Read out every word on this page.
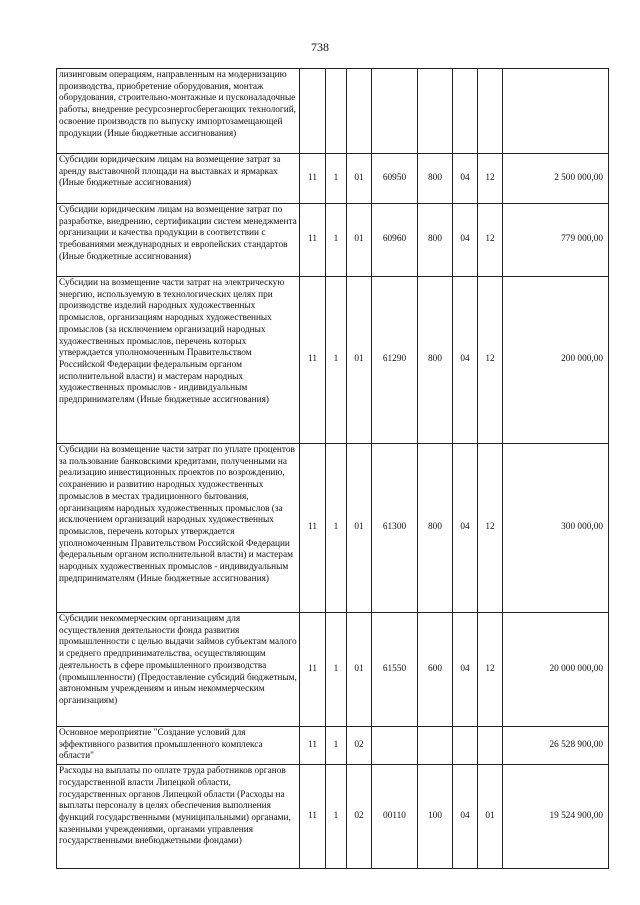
738
лизинговым операциям, направленным на модернизацию производства, приобретение оборудования, монтаж оборудования, строительно-монтажные и пусконаладочные работы, внедрение ресурсоэнергосберегающих технологий, освоение производств по выпуску импортозамещающей продукции (Иные бюджетные ассигнования)								
Субсидии юридическим лицам на возмещение затрат за аренду выставочной площади на выставках и ярмарках (Иные бюджетные ассигнования)	11	1	01	60950	800	04	12	2 500 000,00
Субсидии юридическим лицам на возмещение затрат по разработке, внедрению, сертификации систем менеджмента организации и качества продукции в соответствии с требованиями международных и европейских стандартов (Иные бюджетные ассигнования)	11	1	01	60960	800	04	12	779 000,00
Субсидии на возмещение части затрат на электрическую энергию, используемую в технологических целях при производстве изделий народных художественных промыслов, организациям народных художественных промыслов (за исключением организаций народных художественных промыслов, перечень которых утверждается уполномоченным Правительством Российской Федерации федеральным органом исполнительной власти) и мастерам народных художественных промыслов - индивидуальным предпринимателям (Иные бюджетные ассигнования)	11	1	01	61290	800	04	12	200 000,00
Субсидии на возмещение части затрат по уплате процентов за пользование банковскими кредитами, полученными на реализацию инвестиционных проектов по возрождению, сохранению и развитию народных художественных промыслов в местах традиционного бытования, организациям народных художественных промыслов (за исключением организаций народных художественных промыслов, перечень которых утверждается уполномоченным Правительством Российской Федерации федеральным органом исполнительной власти) и мастерам народных художественных промыслов - индивидуальным предпринимателям (Иные бюджетные ассигнования)	11	1	01	61300	800	04	12	300 000,00
Субсидии некоммерческим организациям для осуществления деятельности фонда развития промышленности с целью выдачи займов субъектам малого и среднего предпринимательства, осуществляющим деятельность в сфере промышленного производства (промышленности) (Предоставление субсидий бюджетным, автономным учреждениям и иным некоммерческим организациям)	11	1	01	61550	600	04	12	20 000 000,00
Основное мероприятие "Создание условий для эффективного развития промышленного комплекса области"	11	1	02					26 528 900,00
Расходы на выплаты по оплате труда работников органов государственной власти Липецкой области, государственных органов Липецкой области (Расходы на выплаты персоналу в целях обеспечения выполнения функций государственными (муниципальными) органами, казенными учреждениями, органами управления государственными внебюджетными фондами)	11	1	02	00110	100	04	01	19 524 900,00
